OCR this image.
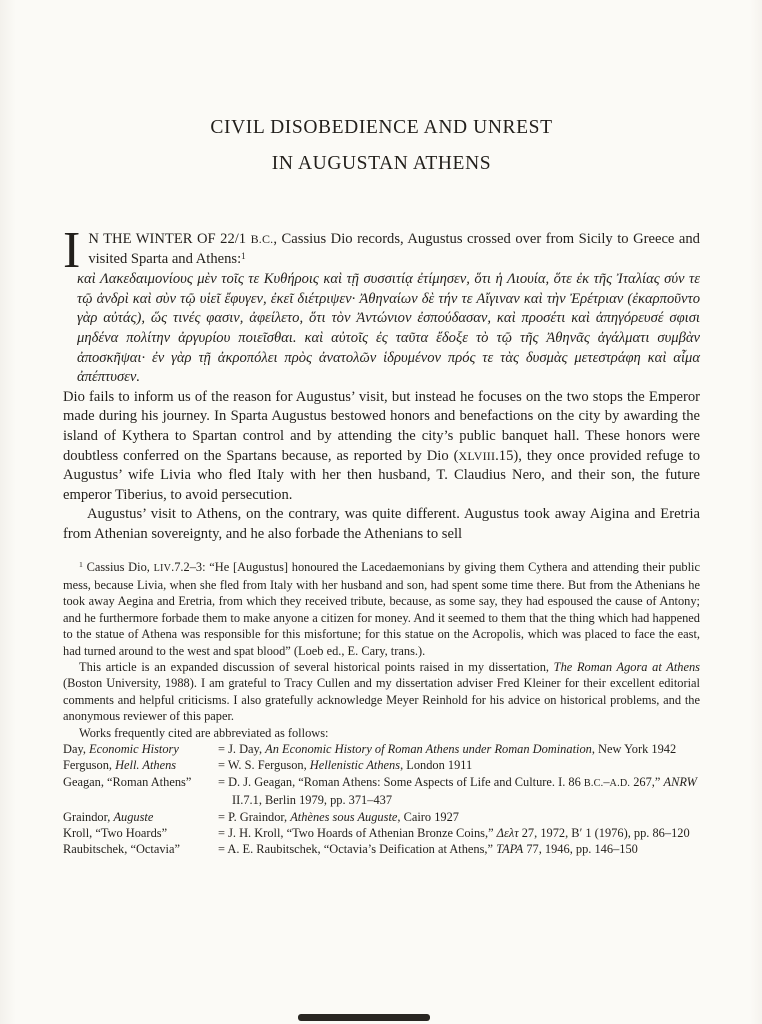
CIVIL DISOBEDIENCE AND UNREST
IN AUGUSTAN ATHENS

I N THE WINTER OF 22/1 B.C., Cassius Dio records, Augustus crossed over from Sicily to Greece and visited Sparta and Athens:$^1$

καὶ Λακεδαιμονίους μὲν τοῖς τε Κυθήροις καὶ τῇ συσσιτίᾳ ἐτίμησεν, ὅτι ἡ Λιουία, ὅτε ἐκ τῆς Ἰταλίας σύν τε τῷ ἀνδρὶ καὶ σὺν τῷ υἱεῖ ἔφυγεν, ἐκεῖ διέτριψεν· Ἀθηναίων δὲ τήν τε Αἴγιναν καὶ τὴν Ἐρέτριαν (ἐκαρποῦντο γὰρ αὐτάς), ὥς τινές φασιν, ἀφείλετο, ὅτι τὸν Ἀντώνιον ἐσπούδασαν, καὶ προσέτι καὶ ἀπηγόρευσέ σφισι μηδένα πολίτην ἀργυρίου ποιεῖσθαι. καὶ αὐτοῖς ἐς ταῦτα ἔδοξε τὸ τῷ τῆς Ἀθηνᾶς ἀγάλματι συμβὰν ἀποσκῆψαι· ἐν γὰρ τῇ ἀκροπόλει πρὸς ἀνατολῶν ἱδρυμένον πρός τε τὰς δυσμὰς μετεστράφη καὶ αἷμα ἀπέπτυσεν.

Dio fails to inform us of the reason for Augustus’ visit, but instead he focuses on the two stops the Emperor made during his journey. In Sparta Augustus bestowed honors and benefactions on the city by awarding the island of Kythera to Spartan control and by attending the city’s public banquet hall. These honors were doubtless conferred on the Spartans because, as reported by Dio (XLVIII.15), they once provided refuge to Augustus’ wife Livia who fled Italy with her then husband, T. Claudius Nero, and their son, the future emperor Tiberius, to avoid persecution.

Augustus’ visit to Athens, on the contrary, was quite different. Augustus took away Aigina and Eretria from Athenian sovereignty, and he also forbade the Athenians to sell

$^1$ Cassius Dio, LIV.7.2–3: “He [Augustus] honoured the Lacedaemonians by giving them Cythera and attending their public mess, because Livia, when she fled from Italy with her husband and son, had spent some time there. But from the Athenians he took away Aegina and Eretria, from which they received tribute, because, as some say, they had espoused the cause of Antony; and he furthermore forbade them to make anyone a citizen for money. And it seemed to them that the thing which had happened to the statue of Athena was responsible for this misfortune; for this statue on the Acropolis, which was placed to face the east, had turned around to the west and spat blood” (Loeb ed., E. Cary, trans.).

This article is an expanded discussion of several historical points raised in my dissertation, The Roman Agora at Athens (Boston University, 1988). I am grateful to Tracy Cullen and my dissertation adviser Fred Kleiner for their excellent editorial comments and helpful criticisms. I also gratefully acknowledge Meyer Reinhold for his advice on historical problems, and the anonymous reviewer of this paper.

Works frequently cited are abbreviated as follows:

Day, Economic History	= J. Day, An Economic History of Roman Athens under Roman Domination, New York 1942
Ferguson, Hell. Athens	= W. S. Ferguson, Hellenistic Athens, London 1911
Geagan, “Roman Athens”	= D. J. Geagan, “Roman Athens: Some Aspects of Life and Culture. I. 86 B.C.–A.D. 267,” ANRW II.7.1, Berlin 1979, pp. 371–437
Graindor, Auguste	= P. Graindor, Athènes sous Auguste, Cairo 1927
Kroll, “Two Hoards”	= J. H. Kroll, “Two Hoards of Athenian Bronze Coins,” Δελτ 27, 1972, Β′ 1 (1976), pp. 86–120
Raubitschek, “Octavia”	= A. E. Raubitschek, “Octavia’s Deification at Athens,” TAPA 77, 1946, pp. 146–150
